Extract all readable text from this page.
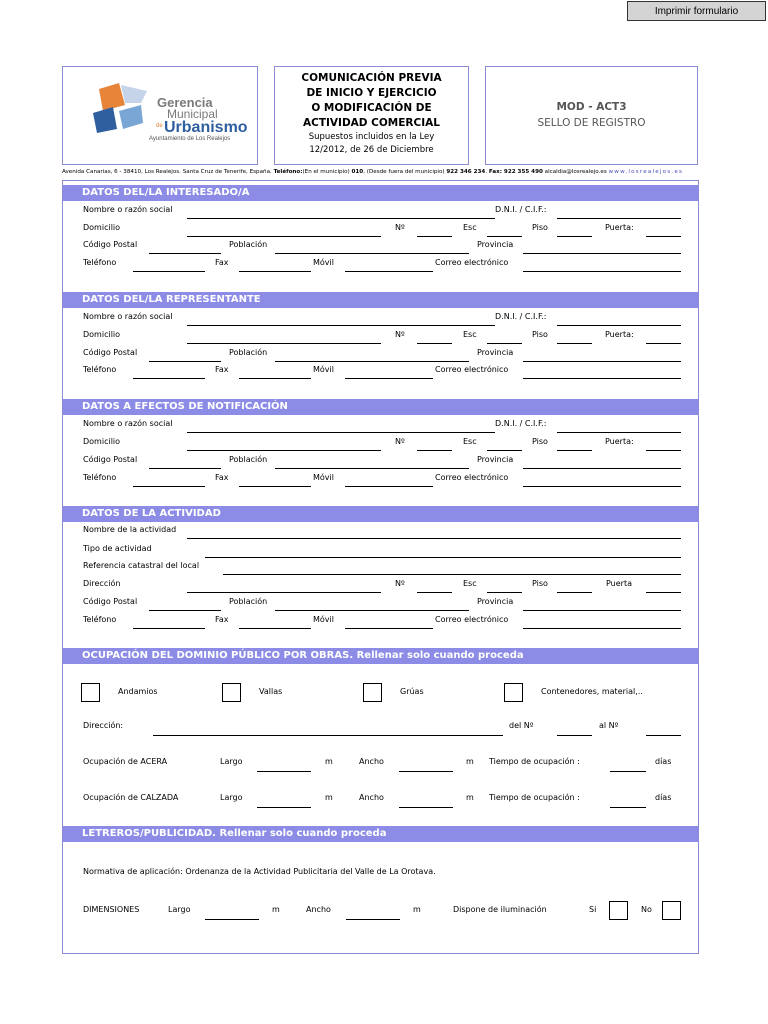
Imprimir formulario
Gerencia
Municipal
de Urbanismo
Ayuntamiento de Los Realejos
COMUNICACIÓN PREVIA
DE INICIO Y EJERCICIO
O MODIFICACIÓN DE
ACTIVIDAD COMERCIAL
Supuestos incluidos en la Ley
12/2012, de 26 de Diciembre
MOD - ACT3
SELLO DE REGISTRO
Avenida Canarias, 6 - 38410, Los Realejos. Santa Cruz de Tenerife, España. Teléfono:(En el municipio) 010, (Desde fuera del municipio) 922 346 234. Fax: 922 355 490 alcaldia@losrealejo.es www.losrealejos.es
DATOS DEL/LA INTERESADO/A
Nombre o razón social	D.N.I. / C.I.F.:
Domicilio	Nº	Esc	Piso	Puerta:
Código Postal	Población	Provincia
Teléfono	Fax	Móvil	Correo electrónico
DATOS DEL/LA REPRESENTANTE
Nombre o razón social	D.N.I. / C.I.F.:
Domicilio	Nº	Esc	Piso	Puerta:
Código Postal	Población	Provincia
Teléfono	Fax	Móvil	Correo electrónico
DATOS A EFECTOS DE NOTIFICACIÓN
Nombre o razón social	D.N.I. / C.I.F.:
Domicilio	Nº	Esc	Piso	Puerta:
Código Postal	Población	Provincia
Teléfono	Fax	Móvil	Correo electrónico
DATOS DE LA ACTIVIDAD
Nombre de la actividad
Tipo de actividad
Referencia catastral del local
Dirección	Nº	Esc	Piso	Puerta
Código Postal	Población	Provincia
Teléfono	Fax	Móvil	Correo electrónico
OCUPACIÓN DEL DOMINIO PÚBLICO POR OBRAS. Rellenar solo cuando proceda
Andamios	Vallas	Grúas	Contenedores, material,..
Dirección:	del Nº	al Nº
Ocupación de ACERA	Largo	m	Ancho	m Tiempo de ocupación :	días
Ocupación de CALZADA	Largo	m	Ancho	m Tiempo de ocupación :	días
LETREROS/PUBLICIDAD. Rellenar solo cuando proceda
Normativa de aplicación: Ordenanza de la Actividad Publicitaria del Valle de La Orotava.
DIMENSIONES	Largo	m	Ancho	m	Dispone de iluminación	Si	No
